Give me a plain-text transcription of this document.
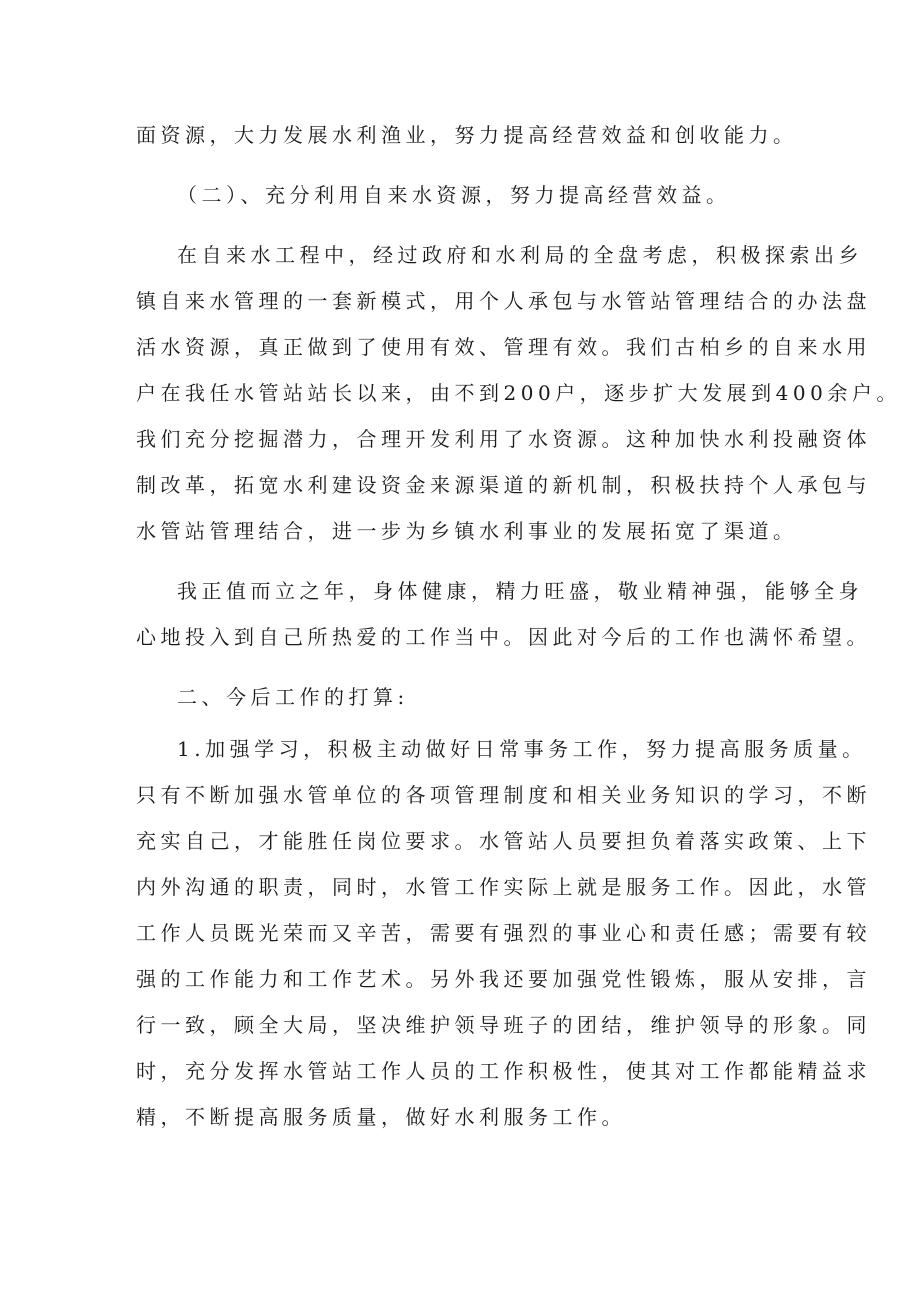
面资源，大力发展水利渔业，努力提高经营效益和创收能力。

（二）、充分利用自来水资源，努力提高经营效益。

在自来水工程中，经过政府和水利局的全盘考虑，积极探索出乡

镇自来水管理的一套新模式，用个人承包与水管站管理结合的办法盘

活水资源，真正做到了使用有效、管理有效。我们古柏乡的自来水用

户在我任水管站站长以来，由不到200户，逐步扩大发展到400余户。

我们充分挖掘潜力，合理开发利用了水资源。这种加快水利投融资体

制改革，拓宽水利建设资金来源渠道的新机制，积极扶持个人承包与

水管站管理结合，进一步为乡镇水利事业的发展拓宽了渠道。

我正值而立之年，身体健康，精力旺盛，敬业精神强，能够全身

心地投入到自己所热爱的工作当中。因此对今后的工作也满怀希望。

二、今后工作的打算:

1.加强学习，积极主动做好日常事务工作，努力提高服务质量。

只有不断加强水管单位的各项管理制度和相关业务知识的学习，不断

充实自己，才能胜任岗位要求。水管站人员要担负着落实政策、上下

内外沟通的职责，同时，水管工作实际上就是服务工作。因此，水管

工作人员既光荣而又辛苦，需要有强烈的事业心和责任感；需要有较

强的工作能力和工作艺术。另外我还要加强党性锻炼，服从安排，言

行一致，顾全大局，坚决维护领导班子的团结，维护领导的形象。同

时，充分发挥水管站工作人员的工作积极性，使其对工作都能精益求

精，不断提高服务质量，做好水利服务工作。
